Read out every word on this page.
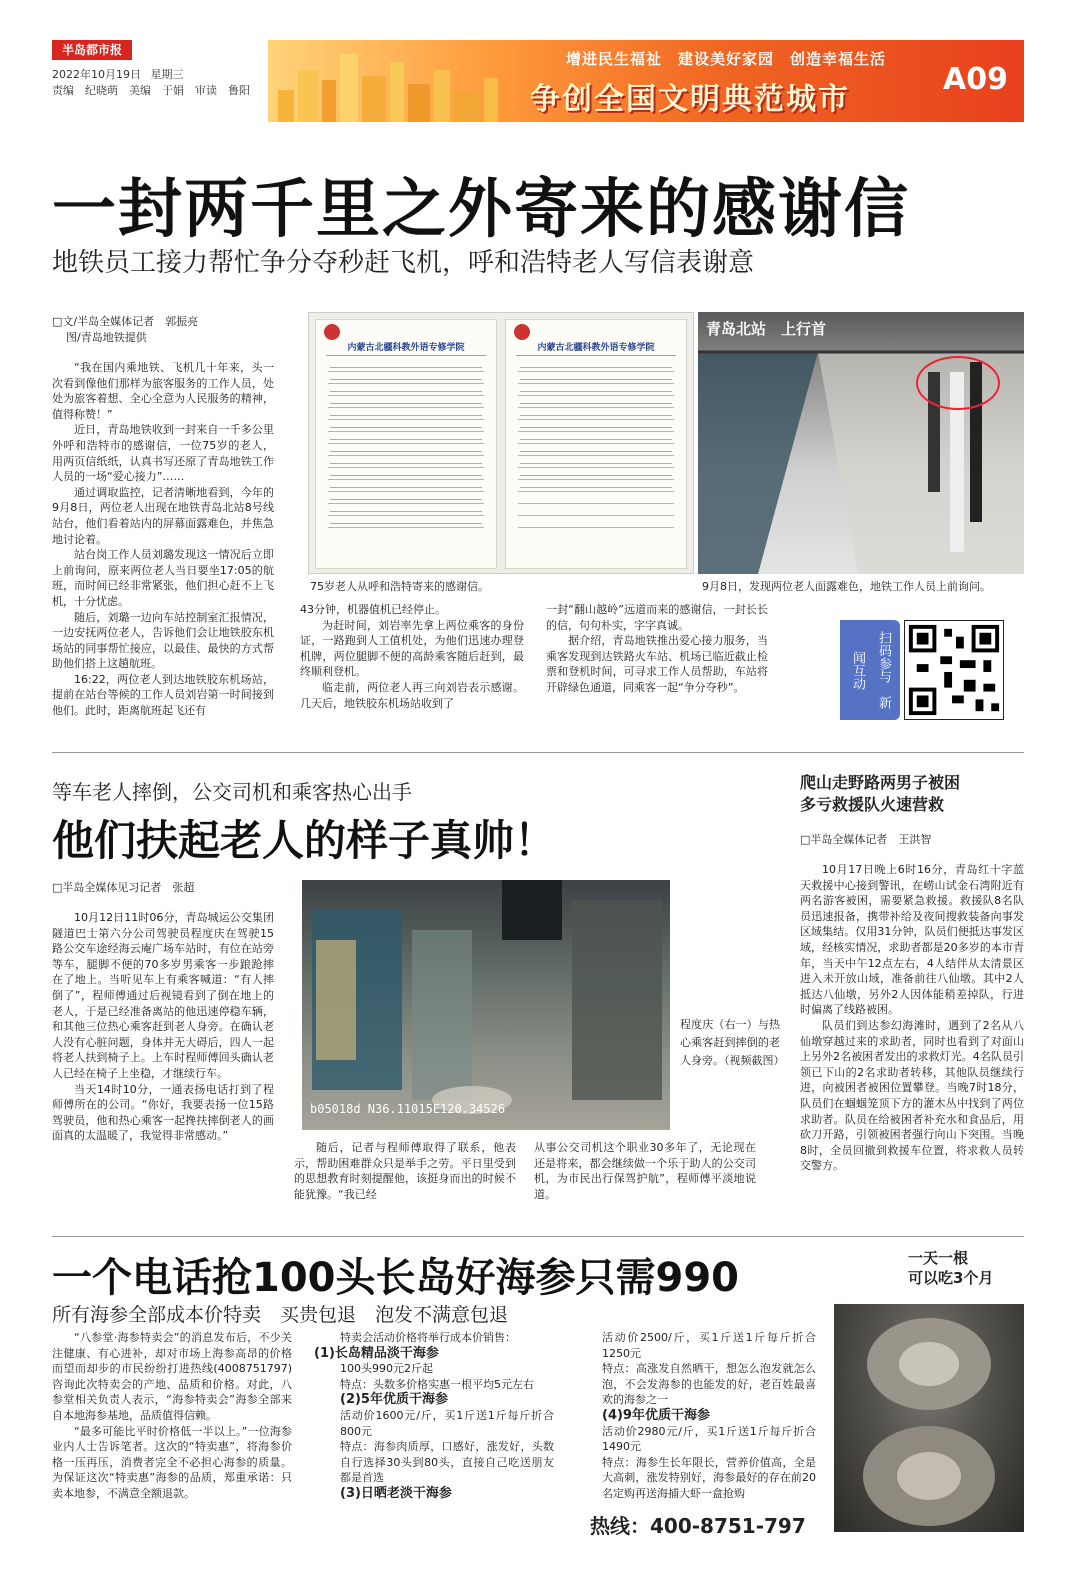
半岛都市报
2022年10月19日 星期三
责编　纪晓萌　美编　于娟　审读　鲁阳
增进民生福祉　建设美好家园　创造幸福生活
争创全国文明典范城市
A09
一封两千里之外寄来的感谢信
地铁员工接力帮忙争分夺秒赶飞机，呼和浩特老人写信表谢意
□文/半岛全媒体记者　郭振亮
图/青岛地铁提供

“我在国内乘地铁、飞机几十年来，头一次看到像他们那样为旅客服务的工作人员，处处为旅客着想、全心全意为人民服务的精神，值得称赞！”

近日，青岛地铁收到一封来自一千多公里外呼和浩特市的感谢信，一位75岁的老人，用两页信纸纸，认真书写还原了青岛地铁工作人员的一场“爱心接力”……

通过调取监控，记者清晰地看到，今年的9月8日，两位老人出现在地铁青岛北站8号线站台，他们看着站内的屏幕面露难色，并焦急地讨论着。

站台岗工作人员刘璐发现这一情况后立即上前询问，原来两位老人当日要坐17:05的航班，而时间已经非常紧张，他们担心赶不上飞机，十分忧虑。

随后，刘璐一边向车站控制室汇报情况，一边安抚两位老人，告诉他们会让地铁胶东机场站的同事帮忙接应，以最佳、最快的方式帮助他们搭上这趟航班。

16:22，两位老人到达地铁胶东机场站，提前在站台等候的工作人员刘岩第一时间接到他们。此时，距离航班起飞还有

内蒙古北疆科教外语专修学院	内蒙古北疆科教外语专修学院
75岁老人从呼和浩特寄来的感谢信。
青岛北站　上行首
9月8日，发现两位老人面露难色，地铁工作人员上前询问。

43分钟，机器值机已经停止。

为赶时间，刘岩率先拿上两位乘客的身份证，一路跑到人工值机处，为他们迅速办理登机牌，两位腿脚不便的高龄乘客随后赶到，最终顺利登机。

临走前，两位老人再三向刘岩表示感谢。几天后，地铁胶东机场站收到了

一封“翻山越岭”远道而来的感谢信，一封长长的信，句句朴实，字字真诚。

据介绍，青岛地铁推出爱心接力服务，当乘客发现到达铁路火车站、机场已临近截止检票和登机时间，可寻求工作人员帮助，车站将开辟绿色通道，同乘客一起“争分夺秒”。	扫码参与　新闻互动
等车老人摔倒，公交司机和乘客热心出手
他们扶起老人的样子真帅！
□半岛全媒体见习记者　张超

10月12日11时06分，青岛城运公交集团隧道巴士第六分公司驾驶员程度庆在驾驶15路公交车途经海云庵广场车站时，有位在站旁等车，腿脚不便的70多岁男乘客一步踉跄摔在了地上。当听见车上有乘客喊道：“有人摔倒了”，程师傅通过后视镜看到了倒在地上的老人，于是已经准备离站的他迅速停稳车辆，和其他三位热心乘客赶到老人身旁。在确认老人没有心脏问题，身体并无大碍后，四人一起将老人扶到椅子上。上车时程师傅回头确认老人已经在椅子上坐稳，才继续行车。

当天14时10分，一通表扬电话打到了程师傅所在的公司。“你好，我要表扬一位15路驾驶员，他和热心乘客一起搀扶摔倒老人的画面真的太温暖了，我觉得非常感动。”

b05018d N36.11015E120.34526
程度庆（右一）与热心乘客赶到摔倒的老人身旁。（视频截图）

随后，记者与程师傅取得了联系，他表示，帮助困难群众只是举手之劳。平日里受到的思想教育时刻提醒他，该挺身而出的时候不能犹豫。“我已经

从事公交司机这个职业30多年了，无论现在还是将来，都会继续做一个乐于助人的公交司机，为市民出行保驾护航”，程师傅平淡地说道。

爬山走野路两男子被困
多亏救援队火速营救
□半岛全媒体记者　王洪智

10月17日晚上6时16分，青岛红十字蓝天救援中心接到警讯，在崂山试金石湾附近有两名游客被困，需要紧急救援。救援队8名队员迅速报备，携带补给及夜间搜救装备向事发区域集结。仅用31分钟，队员们便抵达事发区域，经核实情况，求助者都是20多岁的本市青年，当天中午12点左右，4人结伴从太清景区进入未开放山域，准备前往八仙墩。其中2人抵达八仙墩，另外2人因体能稍差掉队，行进时偏离了线路被困。

队员们到达参幻海滩时，遇到了2名从八仙墩穿越过来的求助者，同时也看到了对面山上另外2名被困者发出的求救灯光。4名队员引领已下山的2名求助者转移，其他队员继续行进，向被困者被困位置攀登。当晚7时18分，队员们在蝈蝈笼顶下方的灌木丛中找到了两位求助者。队员在给被困者补充水和食品后，用砍刀开路，引领被困者强行向山下突围。当晚8时，全员回撤到救援车位置，将求救人员转交警方。

一个电话抢100头长岛好海参只需990	一天一根
可以吃3个月
所有海参全部成本价特卖　买贵包退　泡发不满意包退

“八参堂·海参特卖会”的消息发布后，不少关注健康、有心进补，却对市场上海参高昂的价格而望而却步的市民纷纷打进热线(4008751797)咨询此次特卖会的产地、品质和价格。对此，八参堂相关负责人表示，“海参特卖会”海参全部来自本地海参基地，品质值得信赖。

“最多可能比平时价格低一半以上。”一位海参业内人士告诉笔者。这次的“特卖惠”，将海参价格一压再压，消费者完全不必担心海参的质量。为保证这次“特卖惠”海参的品质，郑重承诺：只卖本地参，不满意全额退款。

特卖会活动价格将举行成本价销售：
(1)长岛精品淡干海参
100头990元2斤起
特点：头数多价格实惠一根平均5元左右
(2)5年优质干海参
活动价1600元/斤，买1斤送1斤每斤折合800元
特点：海参肉质厚，口感好，涨发好，头数自行选择30头到80头，直接自己吃送朋友都是首选
(3)日晒老淡干海参
活动价2500/斤，买1斤送1斤每斤折合1250元
特点：高涨发自然晒干，想怎么泡发就怎么泡，不会发海参的也能发的好，老百姓最喜欢的海参之一
(4)9年优质干海参
活动价2980元/斤，买1斤送1斤每斤折合1490元
特点：海参生长年限长，营养价值高，全是大高刺，涨发特别好，海参最好的存在前20名定购再送海捕大虾一盒抢购
热线：400-8751-797
